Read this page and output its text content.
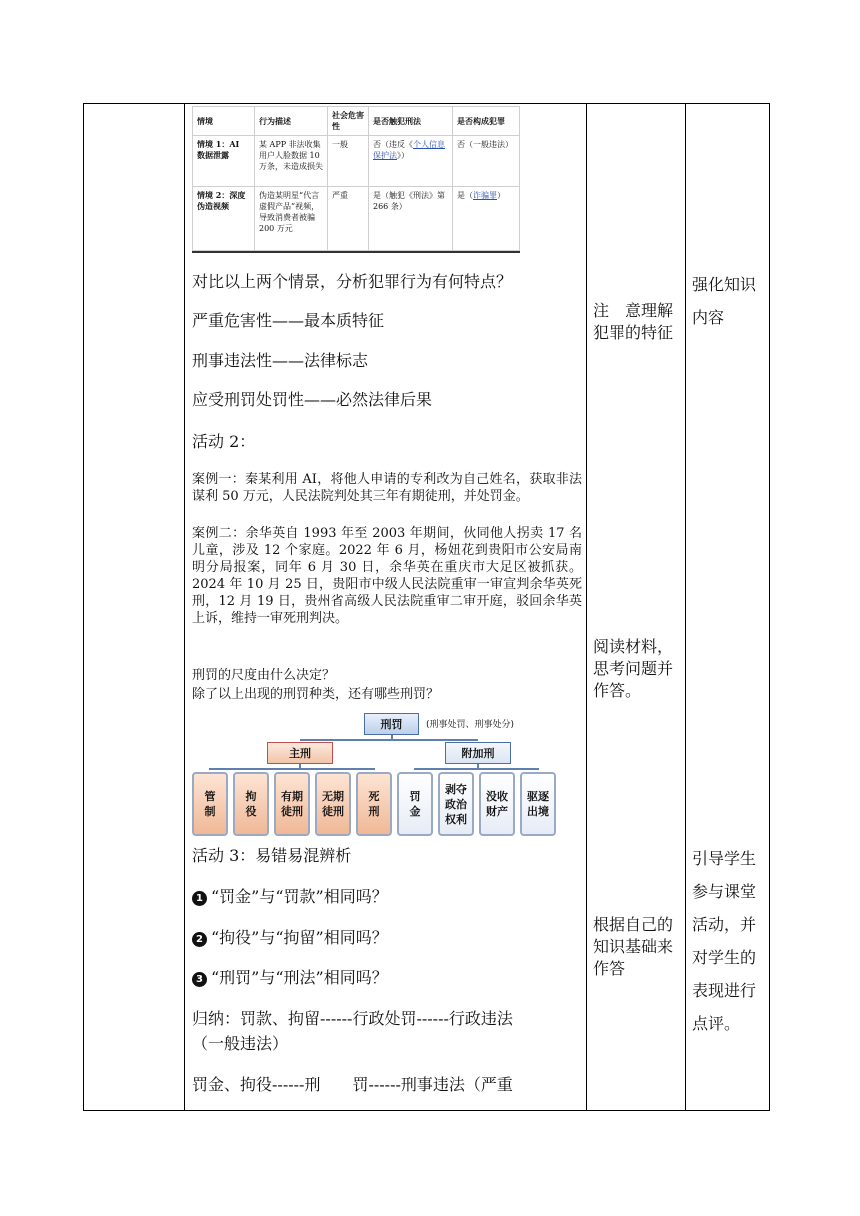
情境	行为描述	社会危害性	是否触犯刑法	是否构成犯罪
情境 1：AI 数据泄露	某 APP 非法收集用户人脸数据 10 万条，未造成损失	一般	否（违反《个人信息保护法》）	否（一般违法）
情境 2：深度伪造视频	伪造某明星“代言虚假产品”视频，导致消费者被骗 200 万元	严重	是（触犯《刑法》第 266 条）	是（诈骗罪）
对比以上两个情景，分析犯罪行为有何特点？
严重危害性——最本质特征
刑事违法性——法律标志
应受刑罚处罚性——必然法律后果
活动 2：
案例一：秦某利用 AI，将他人申请的专利改为自己姓名，获取非法谋利 50 万元，人民法院判处其三年有期徒刑，并处罚金。
案例二：余华英自 1993 年至 2003 年期间，伙同他人拐卖 17 名儿童，涉及 12 个家庭。2022 年 6 月，杨妞花到贵阳市公安局南明分局报案，同年 6 月 30 日，余华英在重庆市大足区被抓获。2024 年 10 月 25 日，贵阳市中级人民法院重审一审宣判余华英死刑，12 月 19 日，贵州省高级人民法院重审二审开庭，驳回余华英上诉，维持一审死刑判决。
刑罚的尺度由什么决定？
除了以上出现的刑罚种类，还有哪些刑罚？
刑罚	(刑事处罚、刑事处分)
主刑	附加刑
管
制
拘
役
有期
徒刑
无期
徒刑
死
刑
罚
金
剥夺
政治
权利
没收
财产
驱逐
出境
活动 3：易错易混辨析
1 “罚金”与“罚款”相同吗？
2 “拘役”与“拘留”相同吗？
3 “刑罚”与“刑法”相同吗？
归纳：罚款、拘留------行政处罚------行政违法
（一般违法）
罚金、拘役------刑　　罚------刑事违法（严重
注　意理解犯罪的特征
阅读材料，思考问题并作答。
根据自己的知识基础来作答
强化知识内容
引导学生参与课堂活动，并对学生的表现进行点评。
